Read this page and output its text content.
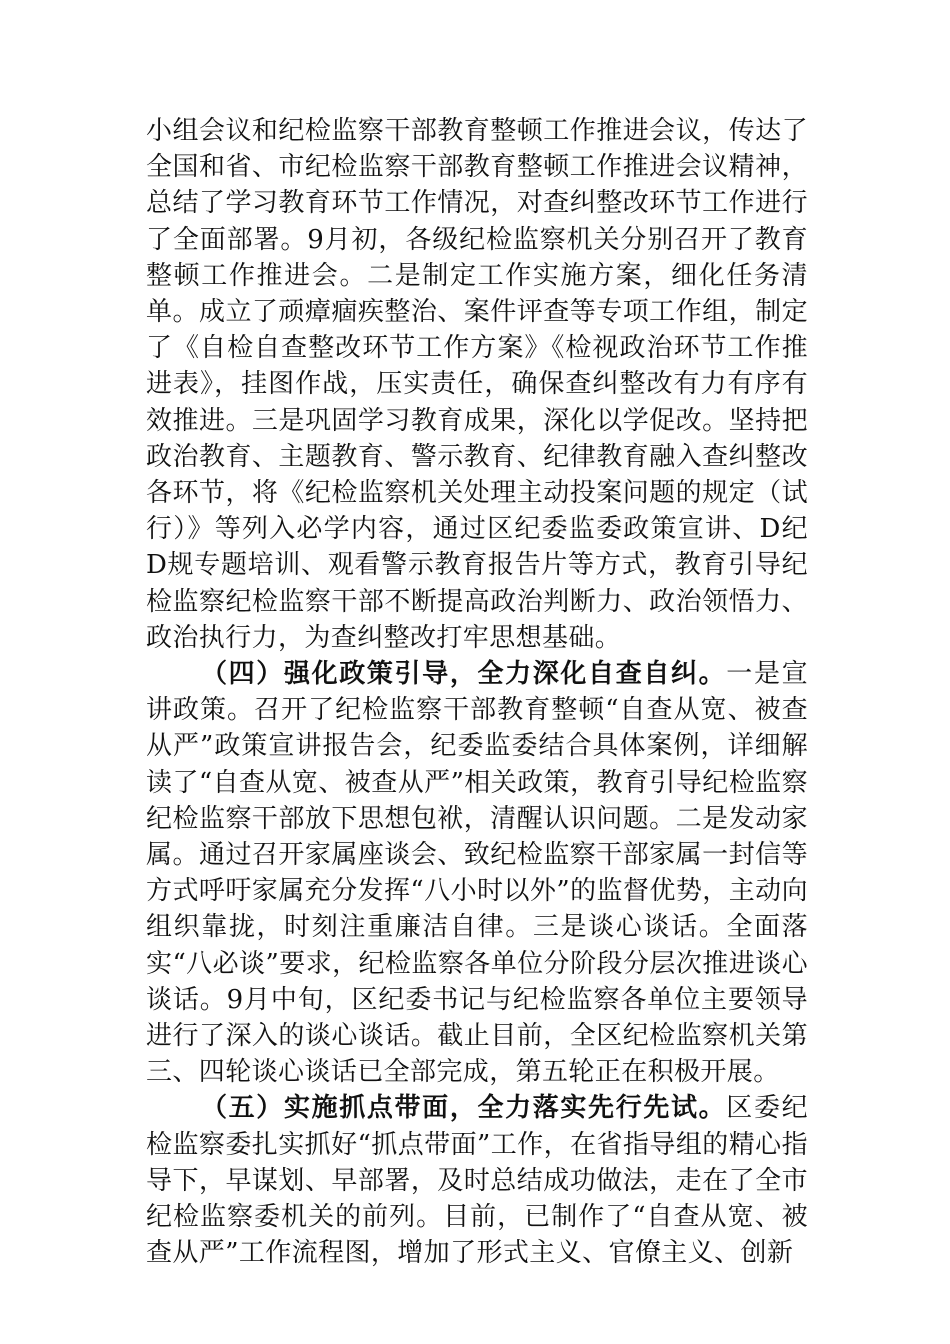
小组会议和纪检监察干部教育整顿工作推进会议，传达了全国和省、市纪检监察干部教育整顿工作推进会议精神，总结了学习教育环节工作情况，对查纠整改环节工作进行了全面部署。9月初，各级纪检监察机关分别召开了教育整顿工作推进会。二是制定工作实施方案，细化任务清单。成立了顽瘴痼疾整治、案件评查等专项工作组，制定了《自检自查整改环节工作方案》《检视政治环节工作推进表》，挂图作战，压实责任，确保查纠整改有力有序有效推进。三是巩固学习教育成果，深化以学促改。坚持把政治教育、主题教育、警示教育、纪律教育融入查纠整改各环节，将《纪检监察机关处理主动投案问题的规定（试行）》等列入必学内容，通过区纪委监委政策宣讲、D纪D规专题培训、观看警示教育报告片等方式，教育引导纪检监察纪检监察干部不断提高政治判断力、政治领悟力、政治执行力，为查纠整改打牢思想基础。

（四）强化政策引导，全力深化自查自纠。一是宣讲政策。召开了纪检监察干部教育整顿“自查从宽、被查从严”政策宣讲报告会，纪委监委结合具体案例，详细解读了“自查从宽、被查从严”相关政策，教育引导纪检监察纪检监察干部放下思想包袱，清醒认识问题。二是发动家属。通过召开家属座谈会、致纪检监察干部家属一封信等方式呼吁家属充分发挥“八小时以外”的监督优势，主动向组织靠拢，时刻注重廉洁自律。三是谈心谈话。全面落实“八必谈”要求，纪检监察各单位分阶段分层次推进谈心谈话。9月中旬，区纪委书记与纪检监察各单位主要领导进行了深入的谈心谈话。截止目前，全区纪检监察机关第三、四轮谈心谈话已全部完成，第五轮正在积极开展。

（五）实施抓点带面，全力落实先行先试。区委纪检监察委扎实抓好“抓点带面”工作，在省指导组的精心指导下，早谋划、早部署，及时总结成功做法，走在了全市纪检监察委机关的前列。目前，已制作了“自查从宽、被查从严”工作流程图，增加了形式主义、官僚主义、创新
